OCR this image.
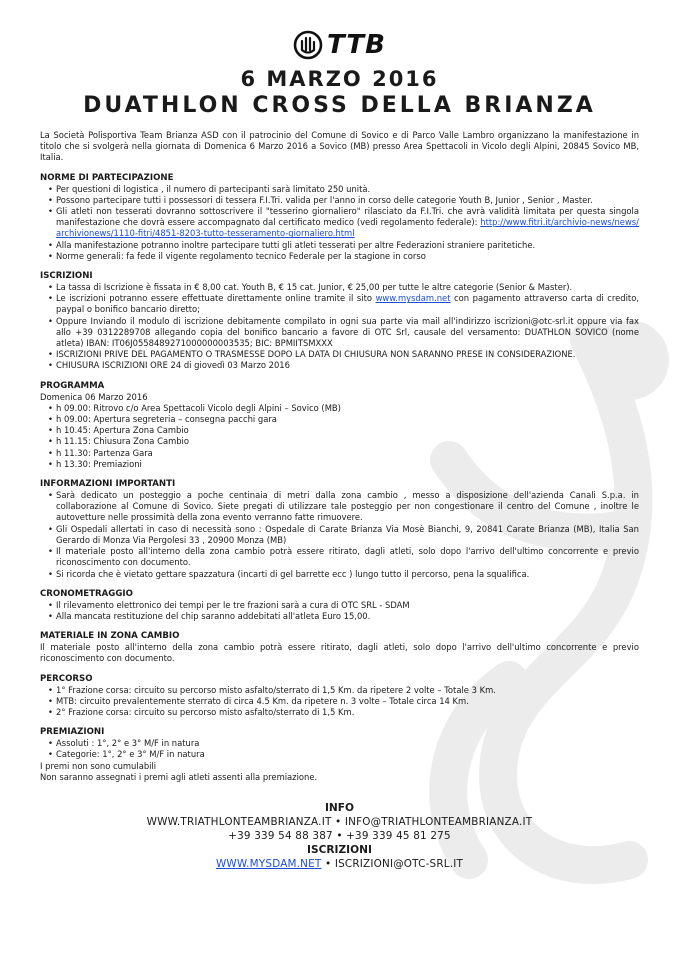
TTB
6 MARZO 2016
DUATHLON CROSS DELLA BRIANZA

La Società Polisportiva Team Brianza ASD con il patrocinio del Comune di Sovico e di Parco Valle Lambro organizzano la manifestazione in titolo che si svolgerà nella giornata di Domenica 6 Marzo 2016 a Sovico (MB) presso Area Spettacoli in Vicolo degli Alpini, 20845 Sovico MB, Italia.

NORME DI PARTECIPAZIONE
• Per questioni di logistica , il numero di partecipanti sarà limitato 250 unità.
• Possono partecipare tutti i possessori di tessera F.I.Tri. valida per l'anno in corso delle categorie Youth B, Junior , Senior , Master.
• Gli atleti non tesserati dovranno sottoscrivere il "tesserino giornaliero" rilasciato da F.I.Tri. che avrà validità limitata per questa singola manifestazione che dovrà essere accompagnato dal certificato medico (vedi regolamento federale): http://www.fitri.it/archivio-news/news/archivionews/1110-fitri/4851-8203-tutto-tesseramento-giornaliero.html
• Alla manifestazione potranno inoltre partecipare tutti gli atleti tesserati per altre Federazioni straniere paritetiche.
• Norme generali: fa fede il vigente regolamento tecnico Federale per la stagione in corso
ISCRIZIONI
• La tassa di Iscrizione è fissata in € 8,00 cat. Youth B, € 15 cat. Junior, € 25,00 per tutte le altre categorie (Senior & Master).
• Le iscrizioni potranno essere effettuate direttamente online tramite il sito www.mysdam.net con pagamento attraverso carta di credito, paypal o bonifico bancario diretto;
• Oppure Inviando il modulo di iscrizione debitamente compilato in ogni sua parte via mail all'indirizzo iscrizioni@otc-srl.it oppure via fax allo +39 0312289708 allegando copia del bonifico bancario a favore di OTC Srl, causale del versamento: DUATHLON SOVICO (nome atleta) IBAN: IT06J0558489271000000003535; BIC: BPMIITSMXXX
• ISCRIZIONI PRIVE DEL PAGAMENTO O TRASMESSE DOPO LA DATA DI CHIUSURA NON SARANNO PRESE IN CONSIDERAZIONE.
• CHIUSURA ISCRIZIONI ORE 24 di giovedì 03 Marzo 2016
PROGRAMMA

Domenica 06 Marzo 2016

• h 09.00: Ritrovo c/o Area Spettacoli Vicolo degli Alpini – Sovico (MB)
• h 09.00: Apertura segreteria – consegna pacchi gara
• h 10.45: Apertura Zona Cambio
• h 11.15: Chiusura Zona Cambio
• h 11.30: Partenza Gara
• h 13.30: Premiazioni
INFORMAZIONI IMPORTANTI
• Sarà dedicato un posteggio a poche centinaia di metri dalla zona cambio , messo a disposizione dell'azienda Canali S.p.a. in collaborazione al Comune di Sovico. Siete pregati di utilizzare tale posteggio per non congestionare il centro del Comune , inoltre le autovetture nelle prossimità della zona evento verranno fatte rimuovere.
• Gli Ospedali allertati in caso di necessità sono : Ospedale di Carate Brianza Via Mosè Bianchi, 9, 20841 Carate Brianza (MB), Italia San Gerardo di Monza Via Pergolesi 33 , 20900 Monza (MB)
• Il materiale posto all'interno della zona cambio potrà essere ritirato, dagli atleti, solo dopo l'arrivo dell'ultimo concorrente e previo riconoscimento con documento.
• Si ricorda che è vietato gettare spazzatura (incarti di gel barrette ecc ) lungo tutto il percorso, pena la squalifica.
CRONOMETRAGGIO
• Il rilevamento elettronico dei tempi per le tre frazioni sarà a cura di OTC SRL - SDAM
• Alla mancata restituzione del chip saranno addebitati all'atleta Euro 15,00.
MATERIALE IN ZONA CAMBIO

Il materiale posto all'interno della zona cambio potrà essere ritirato, dagli atleti, solo dopo l'arrivo dell'ultimo concorrente e previo riconoscimento con documento.

PERCORSO
• 1° Frazione corsa: circuito su percorso misto asfalto/sterrato di 1,5 Km. da ripetere 2 volte – Totale 3 Km.
• MTB: circuito prevalentemente sterrato di circa 4.5 Km. da ripetere n. 3 volte – Totale circa 14 Km.
• 2° Frazione corsa: circuito su percorso misto asfalto/sterrato di 1,5 Km.
PREMIAZIONI
• Assoluti : 1°, 2° e 3° M/F in natura
• Categorie: 1°, 2° e 3° M/F in natura

I premi non sono cumulabili

Non saranno assegnati i premi agli atleti assenti alla premiazione.

INFO
WWW.TRIATHLONTEAMBRIANZA.IT • INFO@TRIATHLONTEAMBRIANZA.IT
+39 339 54 88 387 • +39 339 45 81 275
ISCRIZIONI
WWW.MYSDAM.NET • ISCRIZIONI@OTC-SRL.IT
